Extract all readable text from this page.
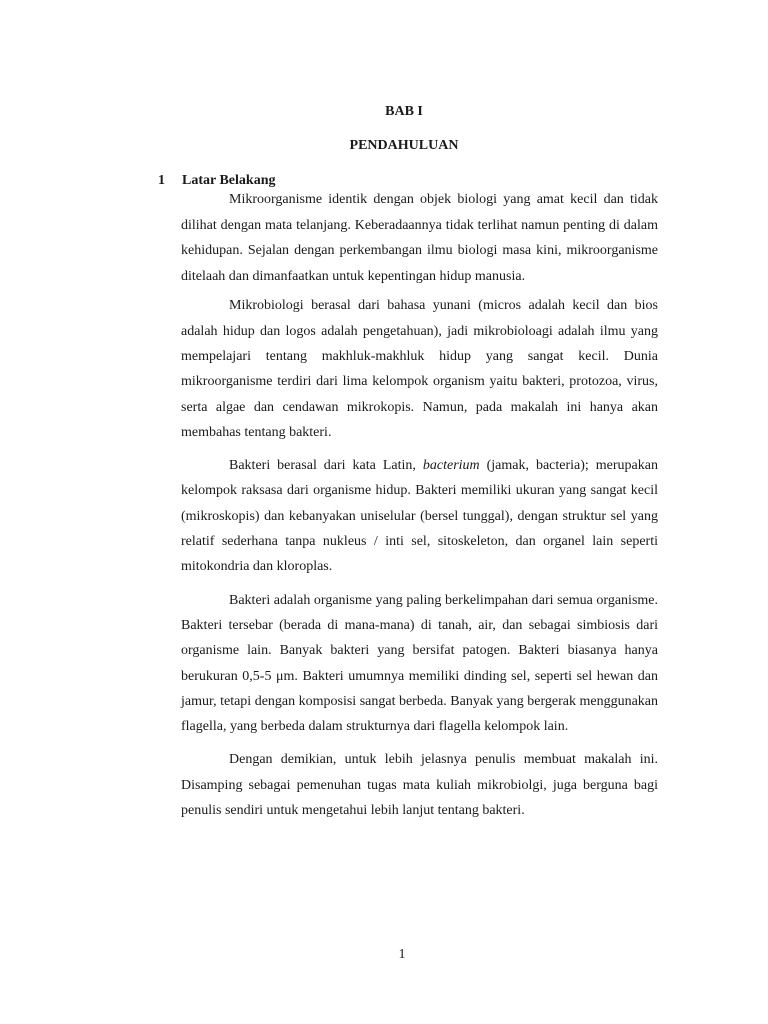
BAB I
PENDAHULUAN
1 Latar Belakang

Mikroorganisme identik dengan objek biologi yang amat kecil dan tidak dilihat dengan mata telanjang. Keberadaannya tidak terlihat namun penting di dalam kehidupan. Sejalan dengan perkembangan ilmu biologi masa kini, mikroorganisme ditelaah dan dimanfaatkan untuk kepentingan hidup manusia.

Mikrobiologi berasal dari bahasa yunani (micros adalah kecil dan bios adalah hidup dan logos adalah pengetahuan), jadi mikrobioloagi adalah ilmu yang mempelajari tentang makhluk-makhluk hidup yang sangat kecil. Dunia mikroorganisme terdiri dari lima kelompok organism yaitu bakteri, protozoa, virus, serta algae dan cendawan mikrokopis. Namun, pada makalah ini hanya akan membahas tentang bakteri.

Bakteri berasal dari kata Latin, bacterium (jamak, bacteria); merupakan kelompok raksasa dari organisme hidup. Bakteri memiliki ukuran yang sangat kecil (mikroskopis) dan kebanyakan uniselular (bersel tunggal), dengan struktur sel yang relatif sederhana tanpa nukleus / inti sel, sitoskeleton, dan organel lain seperti mitokondria dan kloroplas.

Bakteri adalah organisme yang paling berkelimpahan dari semua organisme. Bakteri tersebar (berada di mana-mana) di tanah, air, dan sebagai simbiosis dari organisme lain. Banyak bakteri yang bersifat patogen. Bakteri biasanya hanya berukuran 0,5-5 μm. Bakteri umumnya memiliki dinding sel, seperti sel hewan dan jamur, tetapi dengan komposisi sangat berbeda. Banyak yang bergerak menggunakan flagella, yang berbeda dalam strukturnya dari flagella kelompok lain.

Dengan demikian, untuk lebih jelasnya penulis membuat makalah ini. Disamping sebagai pemenuhan tugas mata kuliah mikrobiolgi, juga berguna bagi penulis sendiri untuk mengetahui lebih lanjut tentang bakteri.

1
